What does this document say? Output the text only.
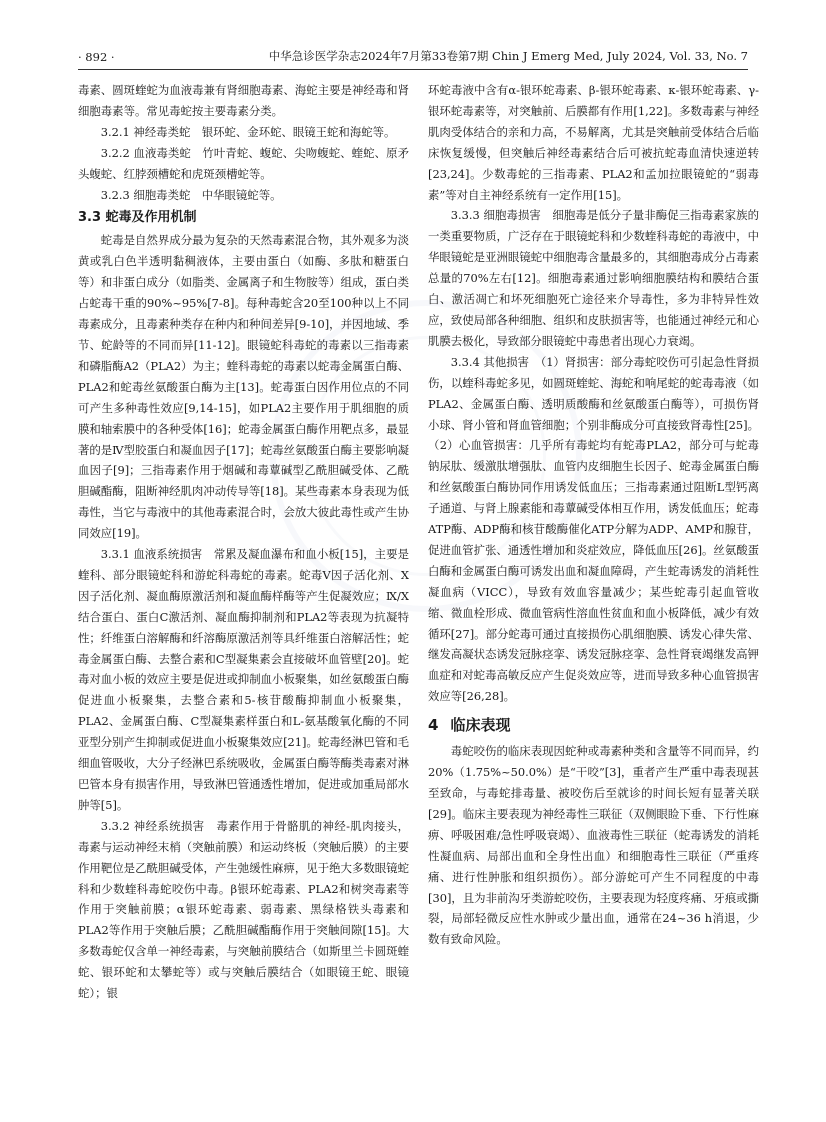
· 892 ·	中华急诊医学杂志2024年7月第33卷第7期 Chin J Emerg Med, July 2024, Vol. 33, No. 7

毒素、圆斑蝰蛇为血液毒兼有肾细胞毒素、海蛇主要是神经毒和肾细胞毒素等。常见毒蛇按主要毒素分类。

3.2.1 神经毒类蛇　银环蛇、金环蛇、眼镜王蛇和海蛇等。

3.2.2 血液毒类蛇　竹叶青蛇、蝮蛇、尖吻蝮蛇、蝰蛇、原矛头蝮蛇、红脖颈槽蛇和虎斑颈槽蛇等。

3.2.3 细胞毒类蛇　中华眼镜蛇等。

3.3 蛇毒及作用机制

蛇毒是自然界成分最为复杂的天然毒素混合物，其外观多为淡黄或乳白色半透明黏稠液体，主要由蛋白（如酶、多肽和糖蛋白等）和非蛋白成分（如脂类、金属离子和生物胺等）组成，蛋白类占蛇毒干重的90%~95%[7-8]。每种毒蛇含20至100种以上不同毒素成分，且毒素种类存在种内和种间差异[9-10]，并因地域、季节、蛇龄等的不同而异[11-12]。眼镜蛇科毒蛇的毒素以三指毒素和磷脂酶A2（PLA2）为主；蝰科毒蛇的毒素以蛇毒金属蛋白酶、PLA2和蛇毒丝氨酸蛋白酶为主[13]。蛇毒蛋白因作用位点的不同可产生多种毒性效应[9,14-15]，如PLA2主要作用于肌细胞的质膜和轴索膜中的各种受体[16]；蛇毒金属蛋白酶作用靶点多，最显著的是Ⅳ型胶蛋白和凝血因子[17]；蛇毒丝氨酸蛋白酶主要影响凝血因子[9]；三指毒素作用于烟碱和毒蕈碱型乙酰胆碱受体、乙酰胆碱酯酶，阻断神经肌肉冲动传导等[18]。某些毒素本身表现为低毒性，当它与毒液中的其他毒素混合时，会放大彼此毒性或产生协同效应[19]。

3.3.1 血液系统损害　常累及凝血瀑布和血小板[15]，主要是蝰科、部分眼镜蛇科和游蛇科毒蛇的毒素。蛇毒Ⅴ因子活化剂、Ⅹ因子活化剂、凝血酶原激活剂和凝血酶样酶等产生促凝效应；Ⅸ/Ⅹ结合蛋白、蛋白C激活剂、凝血酶抑制剂和PLA2等表现为抗凝特性；纤维蛋白溶解酶和纤溶酶原激活剂等具纤维蛋白溶解活性；蛇毒金属蛋白酶、去整合素和C型凝集素会直接破坏血管壁[20]。蛇毒对血小板的效应主要是促进或抑制血小板聚集，如丝氨酸蛋白酶促进血小板聚集，去整合素和5-核苷酸酶抑制血小板聚集，PLA2、金属蛋白酶、C型凝集素样蛋白和L-氨基酸氧化酶的不同亚型分别产生抑制或促进血小板聚集效应[21]。蛇毒经淋巴管和毛细血管吸收，大分子经淋巴系统吸收，金属蛋白酶等酶类毒素对淋巴管本身有损害作用，导致淋巴管通透性增加，促进或加重局部水肿等[5]。

3.3.2 神经系统损害　毒素作用于骨骼肌的神经-肌肉接头，毒素与运动神经末梢（突触前膜）和运动终板（突触后膜）的主要作用靶位是乙酰胆碱受体，产生弛缓性麻痹，见于绝大多数眼镜蛇科和少数蝰科毒蛇咬伤中毒。β银环蛇毒素、PLA2和树突毒素等作用于突触前膜；α银环蛇毒素、弱毒素、黑绿格铁头毒素和PLA2等作用于突触后膜；乙酰胆碱酯酶作用于突触间隙[15]。大多数毒蛇仅含单一神经毒素，与突触前膜结合（如斯里兰卡圆斑蝰蛇、银环蛇和太攀蛇等）或与突触后膜结合（如眼镜王蛇、眼镜蛇）；银

环蛇毒液中含有α-银环蛇毒素、β-银环蛇毒素、κ-银环蛇毒素、γ-银环蛇毒素等，对突触前、后膜都有作用[1,22]。多数毒素与神经肌肉受体结合的亲和力高，不易解离，尤其是突触前受体结合后临床恢复缓慢，但突触后神经毒素结合后可被抗蛇毒血清快速逆转[23,24]。少数毒蛇的三指毒素、PLA2和孟加拉眼镜蛇的“弱毒素”等对自主神经系统有一定作用[15]。

3.3.3 细胞毒损害　细胞毒是低分子量非酶促三指毒素家族的一类重要物质，广泛存在于眼镜蛇科和少数蝰科毒蛇的毒液中，中华眼镜蛇是亚洲眼镜蛇中细胞毒含量最多的，其细胞毒成分占毒素总量的70%左右[12]。细胞毒素通过影响细胞膜结构和膜结合蛋白、激活凋亡和坏死细胞死亡途径来介导毒性，多为非特异性效应，致使局部各种细胞、组织和皮肤损害等，也能通过神经元和心肌膜去极化，导致部分眼镜蛇中毒患者出现心力衰竭。

3.3.4 其他损害　（1）肾损害：部分毒蛇咬伤可引起急性肾损伤，以蝰科毒蛇多见，如圆斑蝰蛇、海蛇和响尾蛇的蛇毒毒液（如PLA2、金属蛋白酶、透明质酸酶和丝氨酸蛋白酶等），可损伤肾小球、肾小管和肾血管细胞；个别非酶成分可直接致肾毒性[25]。（2）心血管损害：几乎所有毒蛇均有蛇毒PLA2，部分可与蛇毒钠尿肽、缓激肽增强肽、血管内皮细胞生长因子、蛇毒金属蛋白酶和丝氨酸蛋白酶协同作用诱发低血压；三指毒素通过阻断L型钙离子通道、与肾上腺素能和毒蕈碱受体相互作用，诱发低血压；蛇毒ATP酶、ADP酶和核苷酸酶催化ATP分解为ADP、AMP和腺苷，促进血管扩张、通透性增加和炎症效应，降低血压[26]。丝氨酸蛋白酶和金属蛋白酶可诱发出血和凝血障碍，产生蛇毒诱发的消耗性凝血病（VICC），导致有效血容量减少；某些蛇毒引起血管收缩、微血栓形成、微血管病性溶血性贫血和血小板降低，减少有效循环[27]。部分蛇毒可通过直接损伤心肌细胞膜、诱发心律失常、继发高凝状态诱发冠脉痉挛、诱发冠脉痉挛、急性肾衰竭继发高钾血症和对蛇毒高敏反应产生促炎效应等，进而导致多种心血管损害效应等[26,28]。

4 临床表现

毒蛇咬伤的临床表现因蛇种或毒素种类和含量等不同而异，约20%（1.75%~50.0%）是“干咬”[3]，重者产生严重中毒表现甚至致命，与毒蛇排毒量、被咬伤后至就诊的时间长短有显著关联[29]。临床主要表现为神经毒性三联征（双侧眼睑下垂、下行性麻痹、呼吸困难/急性呼吸衰竭）、血液毒性三联征（蛇毒诱发的消耗性凝血病、局部出血和全身性出血）和细胞毒性三联征（严重疼痛、进行性肿胀和组织损伤）。部分游蛇可产生不同程度的中毒[30]，且为非前沟牙类游蛇咬伤，主要表现为轻度疼痛、牙痕或撕裂，局部轻微反应性水肿或少量出血，通常在24~36 h消退，少数有致命风险。
